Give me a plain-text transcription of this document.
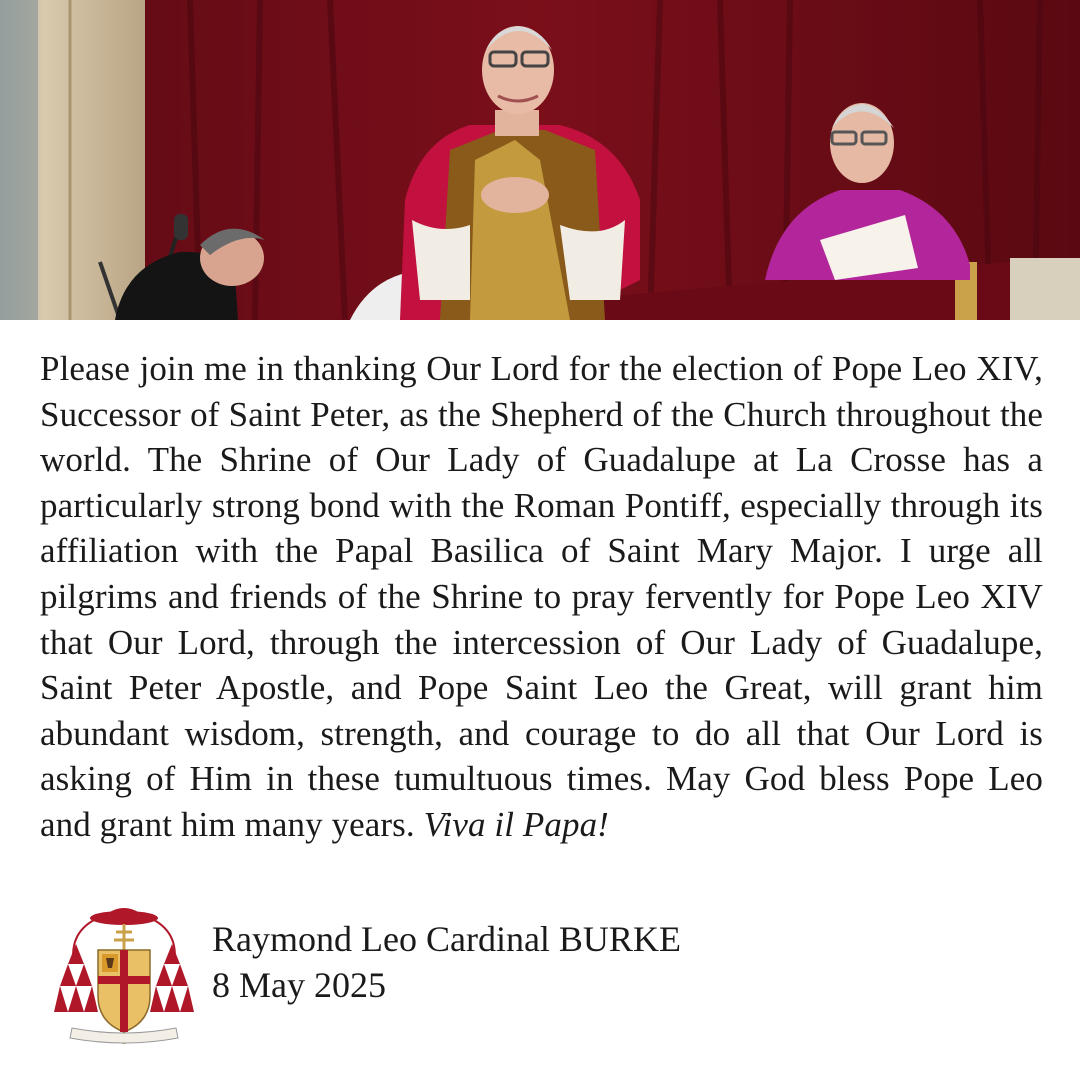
Please join me in thanking Our Lord for the election of Pope Leo XIV, Successor of Saint Peter, as the Shepherd of the Church throughout the world. The Shrine of Our Lady of Guadalupe at La Crosse has a particularly strong bond with the Roman Pontiff, especially through its affiliation with the Papal Basilica of Saint Mary Major. I urge all pilgrims and friends of the Shrine to pray fervently for Pope Leo XIV that Our Lord, through the intercession of Our Lady of Guadalupe, Saint Peter Apostle, and Pope Saint Leo the Great, will grant him abundant wisdom, strength, and courage to do all that Our Lord is asking of Him in these tumultuous times. May God bless Pope Leo and grant him many years. Viva il Papa!
Raymond Leo Cardinal BURKE
8 May 2025
